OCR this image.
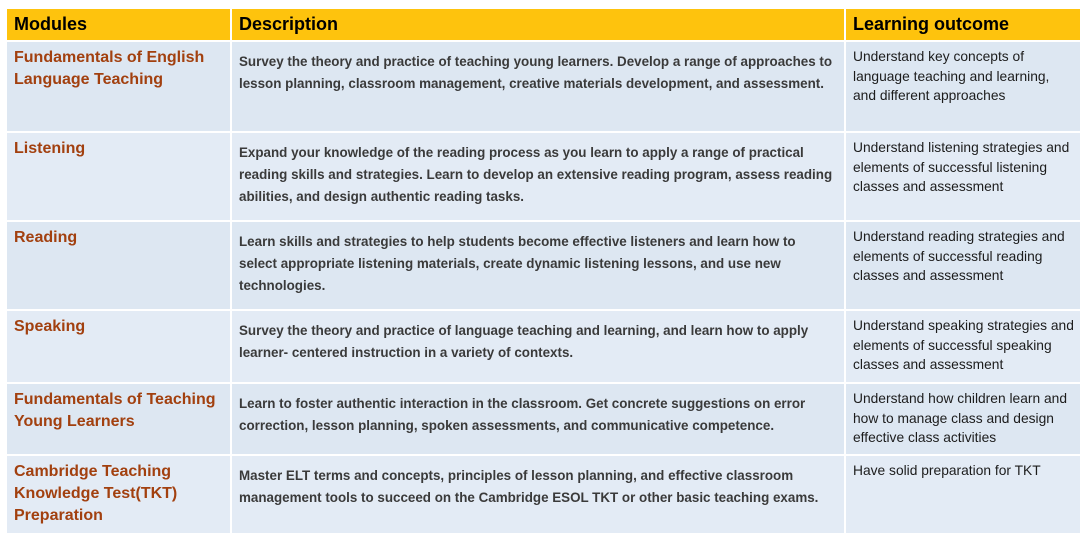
Modules	Description	Learning outcome
Fundamentals of English Language Teaching	Survey the theory and practice of teaching young learners. Develop a range of approaches to lesson planning, classroom management, creative materials development, and assessment.	Understand key concepts of language teaching and learning, and different approaches
Listening	Expand your knowledge of the reading process as you learn to apply a range of practical reading skills and strategies. Learn to develop an extensive reading program, assess reading abilities, and design authentic reading tasks.	Understand listening strategies and elements of successful listening classes and assessment
Reading	Learn skills and strategies to help students become effective listeners and learn how to select appropriate listening materials, create dynamic listening lessons, and use new technologies.	Understand reading strategies and elements of successful reading classes and assessment
Speaking	Survey the theory and practice of language teaching and learning, and learn how to apply learner- centered instruction in a variety of contexts.	Understand speaking strategies and elements of successful speaking classes and assessment
Fundamentals of Teaching Young Learners	Learn to foster authentic interaction in the classroom. Get concrete suggestions on error correction, lesson planning, spoken assessments, and communicative competence.	Understand how children learn and how to manage class and design effective class activities
Cambridge Teaching Knowledge Test(TKT) Preparation	Master ELT terms and concepts, principles of lesson planning, and effective classroom management tools to succeed on the Cambridge ESOL TKT or other basic teaching exams.	Have solid preparation for TKT
